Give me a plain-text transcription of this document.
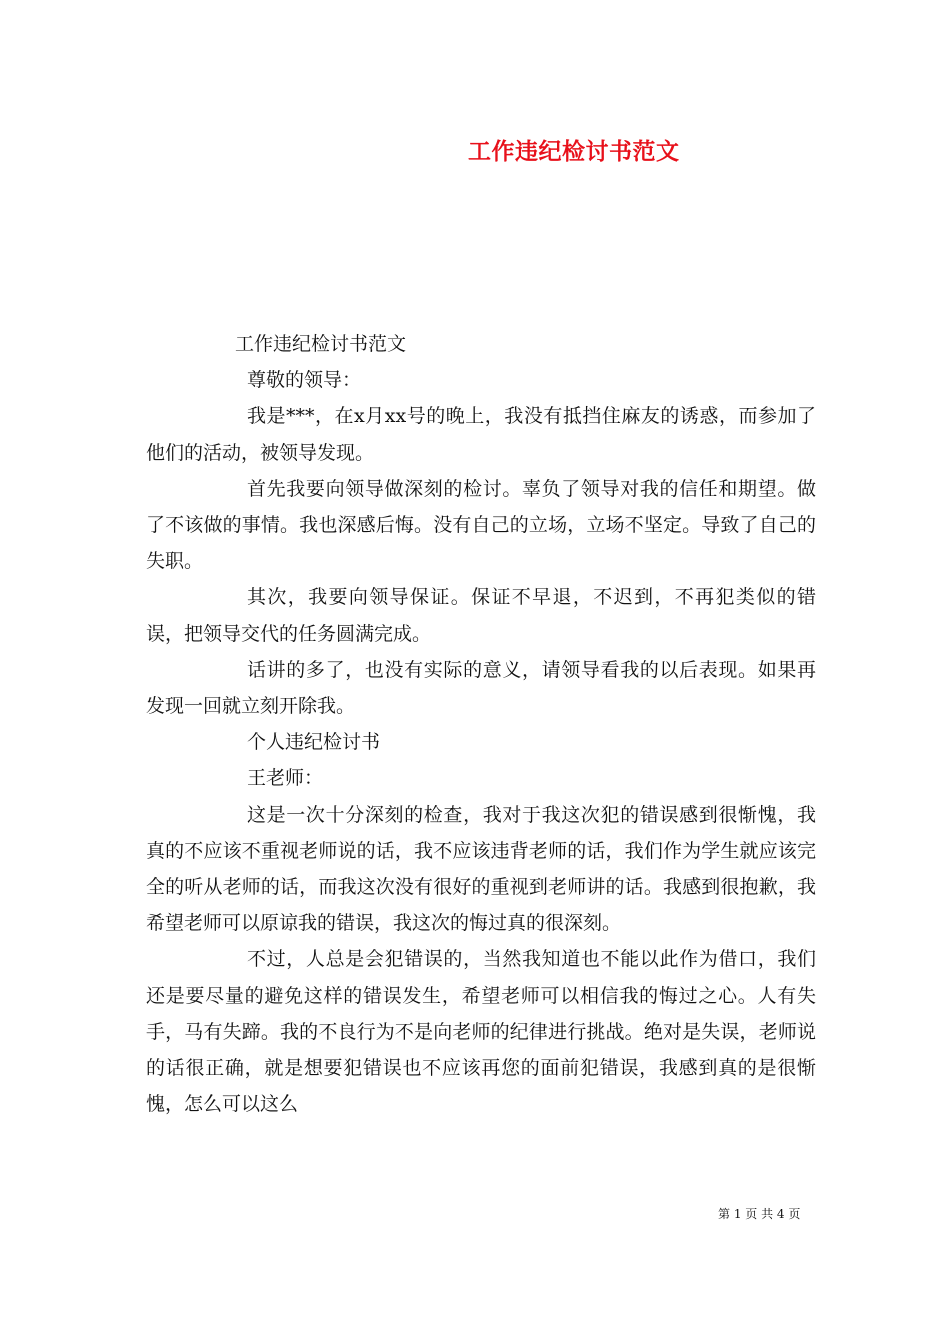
工作违纪检讨书范文

工作违纪检讨书范文

尊敬的领导：

我是***，在x月xx号的晚上，我没有抵挡住麻友的诱惑，而参加了他们的活动，被领导发现。

首先我要向领导做深刻的检讨。辜负了领导对我的信任和期望。做了不该做的事情。我也深感后悔。没有自己的立场，立场不坚定。导致了自己的失职。

其次，我要向领导保证。保证不早退，不迟到，不再犯类似的错误，把领导交代的任务圆满完成。

话讲的多了，也没有实际的意义，请领导看我的以后表现。如果再发现一回就立刻开除我。

个人违纪检讨书

王老师：

这是一次十分深刻的检查，我对于我这次犯的错误感到很惭愧，我真的不应该不重视老师说的话，我不应该违背老师的话，我们作为学生就应该完全的听从老师的话，而我这次没有很好的重视到老师讲的话。我感到很抱歉，我希望老师可以原谅我的错误，我这次的悔过真的很深刻。

不过，人总是会犯错误的，当然我知道也不能以此作为借口，我们还是要尽量的避免这样的错误发生，希望老师可以相信我的悔过之心。人有失手，马有失蹄。我的不良行为不是向老师的纪律进行挑战。绝对是失误，老师说的话很正确，就是想要犯错误也不应该再您的面前犯错误，我感到真的是很惭愧，怎么可以这么

第 1 页 共 4 页
